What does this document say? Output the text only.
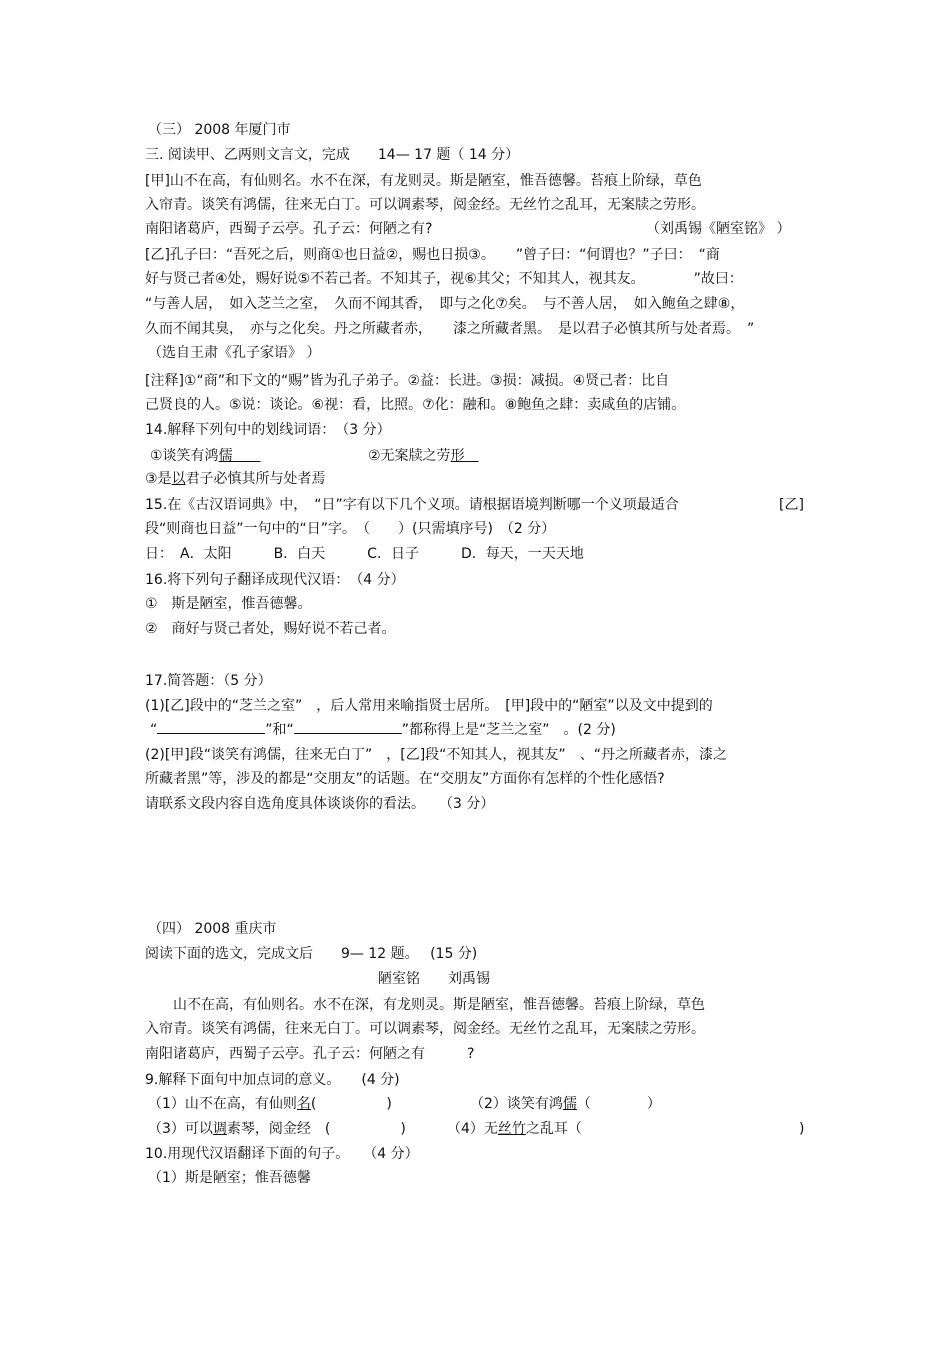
（三） 2008 年厦门市
三. 阅读甲、乙两则文言文，完成　　14— 17 题（ 14 分）
[甲]山不在高，有仙则名。水不在深，有龙则灵。斯是陋室，惟吾德馨。苔痕上阶绿，草色
入帘青。谈笑有鸿儒，往来无白丁。可以调素琴，阅金经。无丝竹之乱耳，无案牍之劳形。
南阳诸葛庐，西蜀子云亭。孔子云：何陋之有?	（刘禹锡《陋室铭》 ）
[乙]孔子曰：“吾死之后，则商①也日益②，赐也日损③。　　”曾子曰：“何谓也？”子曰：　“商
好与贤己者④处，赐好说⑤不若己者。不知其子，视⑥其父；不知其人，视其友。　　　　”故曰：
“与善人居，　如入芝兰之室，　久而不闻其香，　即与之化⑦矣。　与不善人居，　如入鲍鱼之肆⑧，
久而不闻其臭，　亦与之化矣。丹之所藏者赤，　　漆之所藏者黑。　是以君子必慎其所与处者焉。　”
（选自王肃《孔子家语》 ）
[注释]①“商”和下文的“赐”皆为孔子弟子。②益：长进。③损：减损。④贤己者：比自
己贤良的人。⑤说：谈论。⑥视：看，比照。⑦化：融和。⑧鲍鱼之肆：卖咸鱼的店铺。
14.解释下列句中的划线词语：　（3 分）
①谈笑有鸿儒　　	②无案牍之劳形　
③是以君子必慎其所与处者焉
15.在《古汉语词典》中，　“日”字有以下几个义项。请根据语境判断哪一个义项最适合	[乙]
段“则商也日益”一句中的“日”字。　（　　）(只需填序号)　（2 分）
日：　A．太阳　　　B．白天　　　C．日子　　　D．每天，一天天地
16.将下列句子翻译成现代汉语：　（4 分）
①　斯是陋室，惟吾德馨。
②　商好与贤己者处，赐好说不若己者。
17.简答题：（5 分）
(1)[乙]段中的“芝兰之室”　，后人常用来喻指贤士居所。　[甲]段中的“陋室”以及文中提到的
“	”和“	”都称得上是“芝兰之室”　。(2 分)
(2)[甲]段“谈笑有鸿儒，往来无白丁”　，[乙]段“不知其人，视其友”　、“丹之所藏者赤，漆之
所藏者黑”等，涉及的都是“交朋友”的话题。在“交朋友”方面你有怎样的个性化感悟?
请联系文段内容自选角度具体谈谈你的看法。　　（3 分）
（四） 2008 重庆市
阅读下面的选文，完成文后　　9— 12 题。　 (15 分)
陋室铭　　刘禹锡
　　山不在高，有仙则名。水不在深，有龙则灵。斯是陋室，惟吾德馨。苔痕上阶绿，草色
入帘青。谈笑有鸿儒，往来无白丁。可以调素琴，阅金经。无丝竹之乱耳，无案牍之劳形。
南阳诸葛庐，西蜀子云亭。孔子云：何陋之有　　　?
9.解释下面句中加点词的意义。　　(4 分)
（1）山不在高，有仙则名(　　　　　)	（2）谈笑有鸿儒（　　　　）
（3）可以调素琴，阅金经　(　　　　　)	（4）无丝竹之乱耳（	)
10.用现代汉语翻译下面的句子。　　（4 分）
（1）斯是陋室；惟吾德馨
